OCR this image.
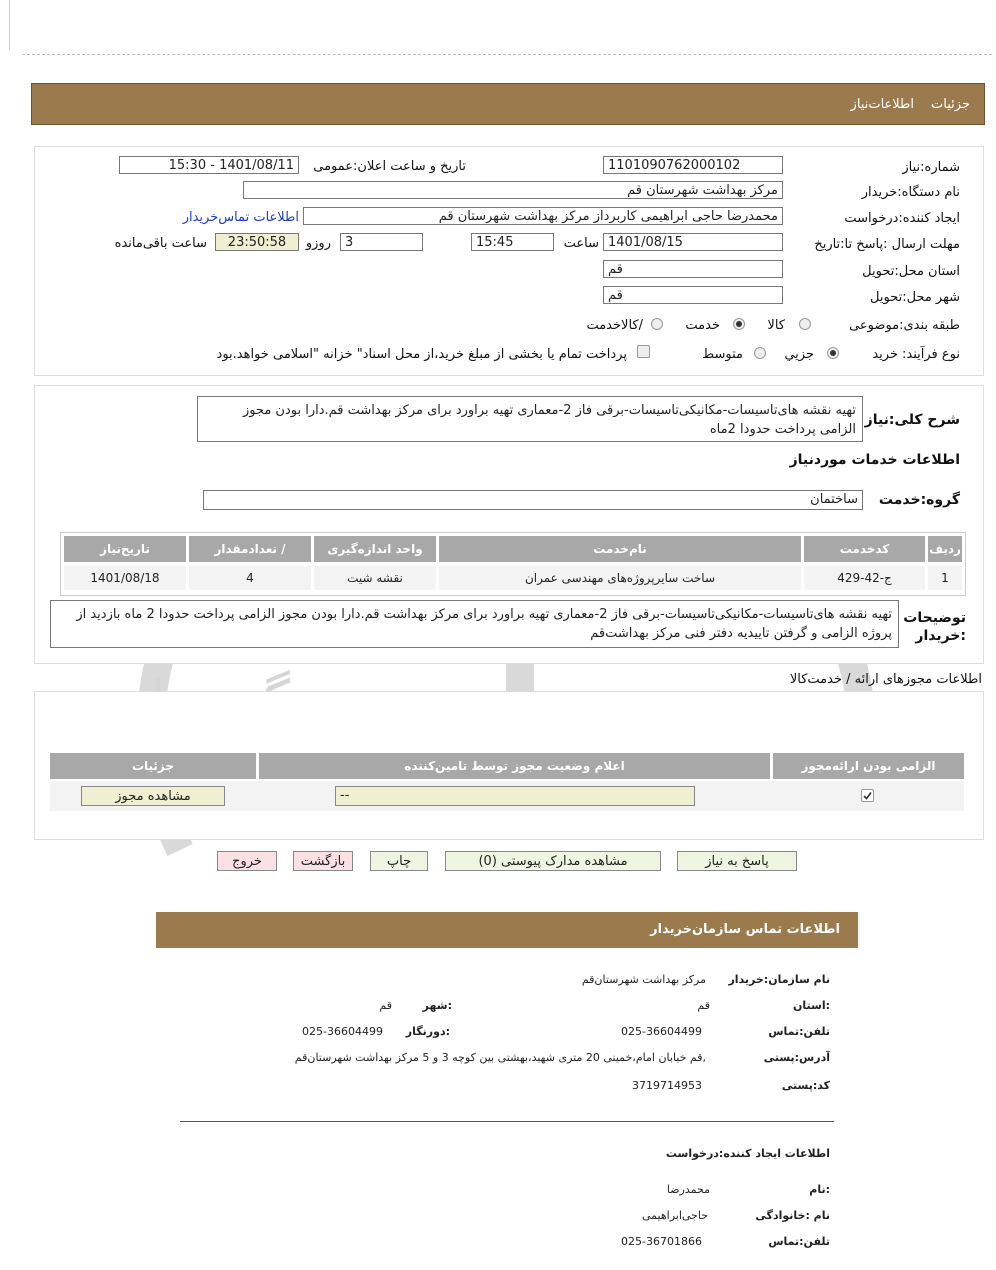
جزئیات
اطلاعات‌نیاز
شماره:نیاز
1101090762000102
تاریخ و ساعت اعلان:عمومی
1401/08/11 - 15:30
نام دستگاه:خریدار
مرکز بهداشت شهرستان قم
ایجاد کننده:درخواست
محمدرضا حاجی ابراهیمی کاربرداز مرکز بهداشت شهرستان قم
اطلاعات تماس‌خریدار
مهلت ارسال :پاسخ تا:تاریخ
1401/08/15
ساعت
15:45
3
روزو
23:50:58
ساعت باقی‌مانده
استان محل:تحویل
قم
شهر محل:تحویل
قم
طبقه بندی:موضوعی
کالا
خدمت
/کالاخدمت
نوع فرآیند:
خرید
جزیي
متوسط
پرداخت تمام یا بخشی از مبلغ خرید،از محل اسناد" خزانه "اسلامی خواهد.بود
شرح کلی:نیاز
تهیه نقشه های‌تاسیسات-مکانیکی‌تاسیسات-برقی فاز 2-معماری تهیه براورد برای مرکز بهداشت قم.دارا بودن مجوز الزامی پرداخت حدودا 2ماه
اطلاعات خدمات موردنیاز
گروه:خدمت
ساختمان
ردیف
کدخدمت
نام‌خدمت
واحد اندازه‌گیری
/ تعداد‌مقدار
تاریخ‌نیاز
1
ج-42-429
ساخت سایرپروژه‌های مهندسی عمران
نقشه شیت
4
1401/08/18
توضیحات :خریدار
تهیه نقشه های‌تاسیسات-مکانیکی‌تاسیسات-برقی فاز 2-معماری تهیه براورد برای مرکز بهداشت قم.دارا بودن مجوز الزامی پرداخت حدودا 2 ماه بازدید از پروژه الزامی و گرفتن تاییدیه دفتر فنی مرکز بهداشت‌قم
اطلاعات مجوزهای ارائه / خدمت‌کالا
الزامی بودن ارائه‌مجوز
اعلام وضعیت مجوز توسط تامین‌کننده
جزئیات
--
مشاهده مجوز
پاسخ به نیاز
مشاهده مدارک پیوستی (0)
چاپ
بازگشت
خروج
اطلاعات تماس سازمان‌خریدار
نام سازمان:خریدار
مرکز بهداشت شهرستان‌قم
:استان
قم
:شهر
قم
تلفن:تماس
025-36604499
:دورنگار
025-36604499
آدرس:پستی
,قم خیابان امام،خمینی 20 متری شهید،بهشتی بین کوچه 3 و 5 مرکز بهداشت شهرستان‌قم
کد:پستی
3719714953
اطلاعات ایجاد کننده:درخواست
:نام
محمدرضا
نام :خانوادگی
حاجی‌ابراهیمی
تلفن:تماس
025-36701866
